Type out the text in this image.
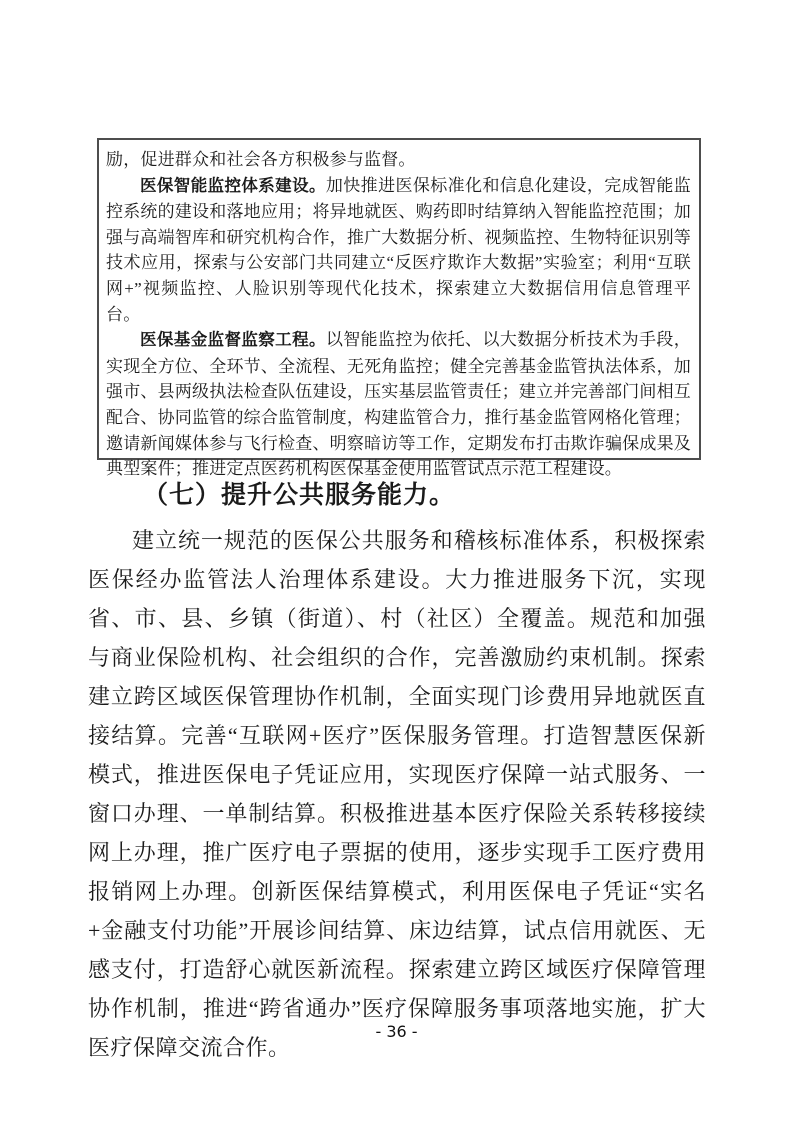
励，促进群众和社会各方积极参与监督。

医保智能监控体系建设。加快推进医保标准化和信息化建设，完成智能监控系统的建设和落地应用；将异地就医、购药即时结算纳入智能监控范围；加强与高端智库和研究机构合作，推广大数据分析、视频监控、生物特征识别等技术应用，探索与公安部门共同建立“反医疗欺诈大数据”实验室；利用“互联网+”视频监控、人脸识别等现代化技术，探索建立大数据信用信息管理平台。

医保基金监督监察工程。以智能监控为依托、以大数据分析技术为手段，实现全方位、全环节、全流程、无死角监控；健全完善基金监管执法体系，加强市、县两级执法检查队伍建设，压实基层监管责任；建立并完善部门间相互配合、协同监管的综合监管制度，构建监管合力，推行基金监管网格化管理；邀请新闻媒体参与飞行检查、明察暗访等工作，定期发布打击欺诈骗保成果及典型案件；推进定点医药机构医保基金使用监管试点示范工程建设。

（七）提升公共服务能力。

建立统一规范的医保公共服务和稽核标准体系，积极探索医保经办监管法人治理体系建设。大力推进服务下沉，实现省、市、县、乡镇（街道）、村（社区）全覆盖。规范和加强与商业保险机构、社会组织的合作，完善激励约束机制。探索建立跨区域医保管理协作机制，全面实现门诊费用异地就医直接结算。完善“互联网+医疗”医保服务管理。打造智慧医保新模式，推进医保电子凭证应用，实现医疗保障一站式服务、一窗口办理、一单制结算。积极推进基本医疗保险关系转移接续网上办理，推广医疗电子票据的使用，逐步实现手工医疗费用报销网上办理。创新医保结算模式，利用医保电子凭证“实名+金融支付功能”开展诊间结算、床边结算，试点信用就医、无感支付，打造舒心就医新流程。探索建立跨区域医疗保障管理协作机制，推进“跨省通办”医疗保障服务事项落地实施，扩大医疗保障交流合作。

- 36 -
